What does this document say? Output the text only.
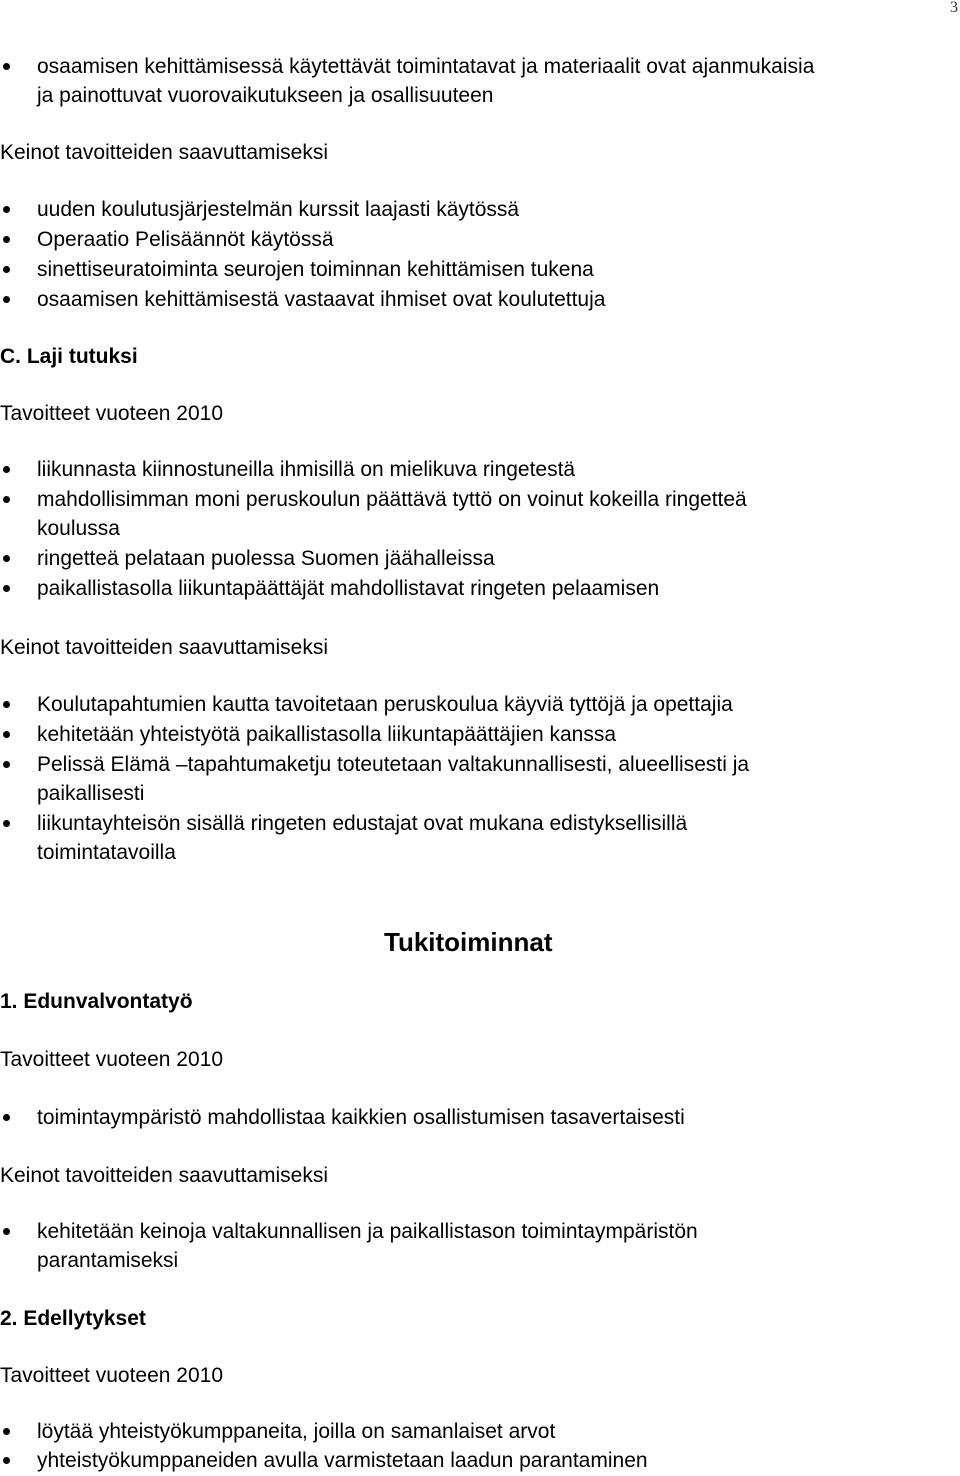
3
osaamisen kehittämisessä käytettävät toimintatavat ja materiaalit ovat ajanmukaisia
ja painottuvat vuorovaikutukseen ja osallisuuteen
Keinot tavoitteiden saavuttamiseksi
uuden koulutusjärjestelmän kurssit laajasti käytössä
Operaatio Pelisäännöt käytössä
sinettiseuratoiminta seurojen toiminnan kehittämisen tukena
osaamisen kehittämisestä vastaavat ihmiset ovat koulutettuja
C. Laji tutuksi
Tavoitteet vuoteen 2010
liikunnasta kiinnostuneilla ihmisillä on mielikuva ringetestä
mahdollisimman moni peruskoulun päättävä tyttö on voinut kokeilla ringetteä
koulussa
ringetteä pelataan puolessa Suomen jäähalleissa
paikallistasolla liikuntapäättäjät mahdollistavat ringeten pelaamisen
Keinot tavoitteiden saavuttamiseksi
Koulutapahtumien kautta tavoitetaan peruskoulua käyviä tyttöjä ja opettajia
kehitetään yhteistyötä paikallistasolla liikuntapäättäjien kanssa
Pelissä Elämä –tapahtumaketju toteutetaan valtakunnallisesti, alueellisesti ja
paikallisesti
liikuntayhteisön sisällä ringeten edustajat ovat mukana edistyksellisillä
toimintatavoilla
Tukitoiminnat
1. Edunvalvontatyö
Tavoitteet vuoteen 2010
toimintaympäristö mahdollistaa kaikkien osallistumisen tasavertaisesti
Keinot tavoitteiden saavuttamiseksi
kehitetään keinoja valtakunnallisen ja paikallistason toimintaympäristön
parantamiseksi
2. Edellytykset
Tavoitteet vuoteen 2010
löytää yhteistyökumppaneita, joilla on samanlaiset arvot
yhteistyökumppaneiden avulla varmistetaan laadun parantaminen
